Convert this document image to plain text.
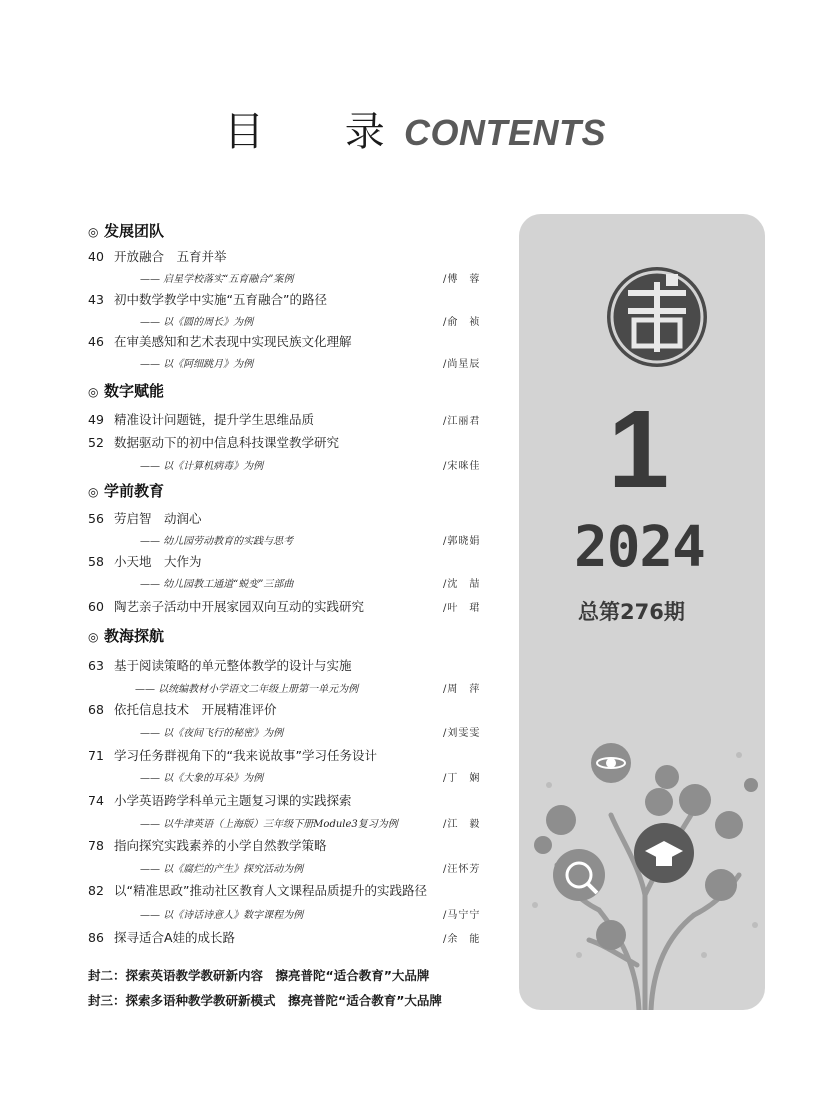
目 录
CONTENTS
◎ 发展团队
◎ 数字赋能
◎ 学前教育
◎ 教海探航
40 开放融合　五育并举
—— 启星学校落实“五育融合”案例	/傅　蓉
43 初中数学教学中实施“五育融合”的路径
—— 以《圆的周长》为例	/俞　祯
46 在审美感知和艺术表现中实现民族文化理解
—— 以《阿细跳月》为例	/尚星辰
49 精准设计问题链，提升学生思维品质	/江丽君
52 数据驱动下的初中信息科技课堂教学研究
—— 以《计算机病毒》为例	/宋咪佳
56 劳启智　动润心
—— 幼儿园劳动教育的实践与思考	/郭晓娟
58 小天地　大作为
—— 幼儿园教工通道“蜕变”三部曲	/沈　喆
60 陶艺亲子活动中开展家园双向互动的实践研究	/叶　珺
63 基于阅读策略的单元整体教学的设计与实施
—— 以统编教材小学语文二年级上册第一单元为例	/周　萍
68 依托信息技术　开展精准评价
—— 以《夜间飞行的秘密》为例	/刘雯雯
71 学习任务群视角下的“我来说故事”学习任务设计
—— 以《大象的耳朵》为例	/丁　娴
74 小学英语跨学科单元主题复习课的实践探索
—— 以牛津英语（上海版）三年级下册Module3复习为例	/江　毅
78 指向探究实践素养的小学自然教学策略
—— 以《腐烂的产生》探究活动为例	/汪怀芳
82 以“精准思政”推动社区教育人文课程品质提升的实践路径
—— 以《诗话诗意人》数字课程为例	/马宁宁
86 探寻适合A娃的成长路	/余　能
封二：探索英语教学教研新内容　擦亮普陀“适合教育”大品牌
封三：探索多语种教学教研新模式　擦亮普陀“适合教育”大品牌
1
2024
总第276期
